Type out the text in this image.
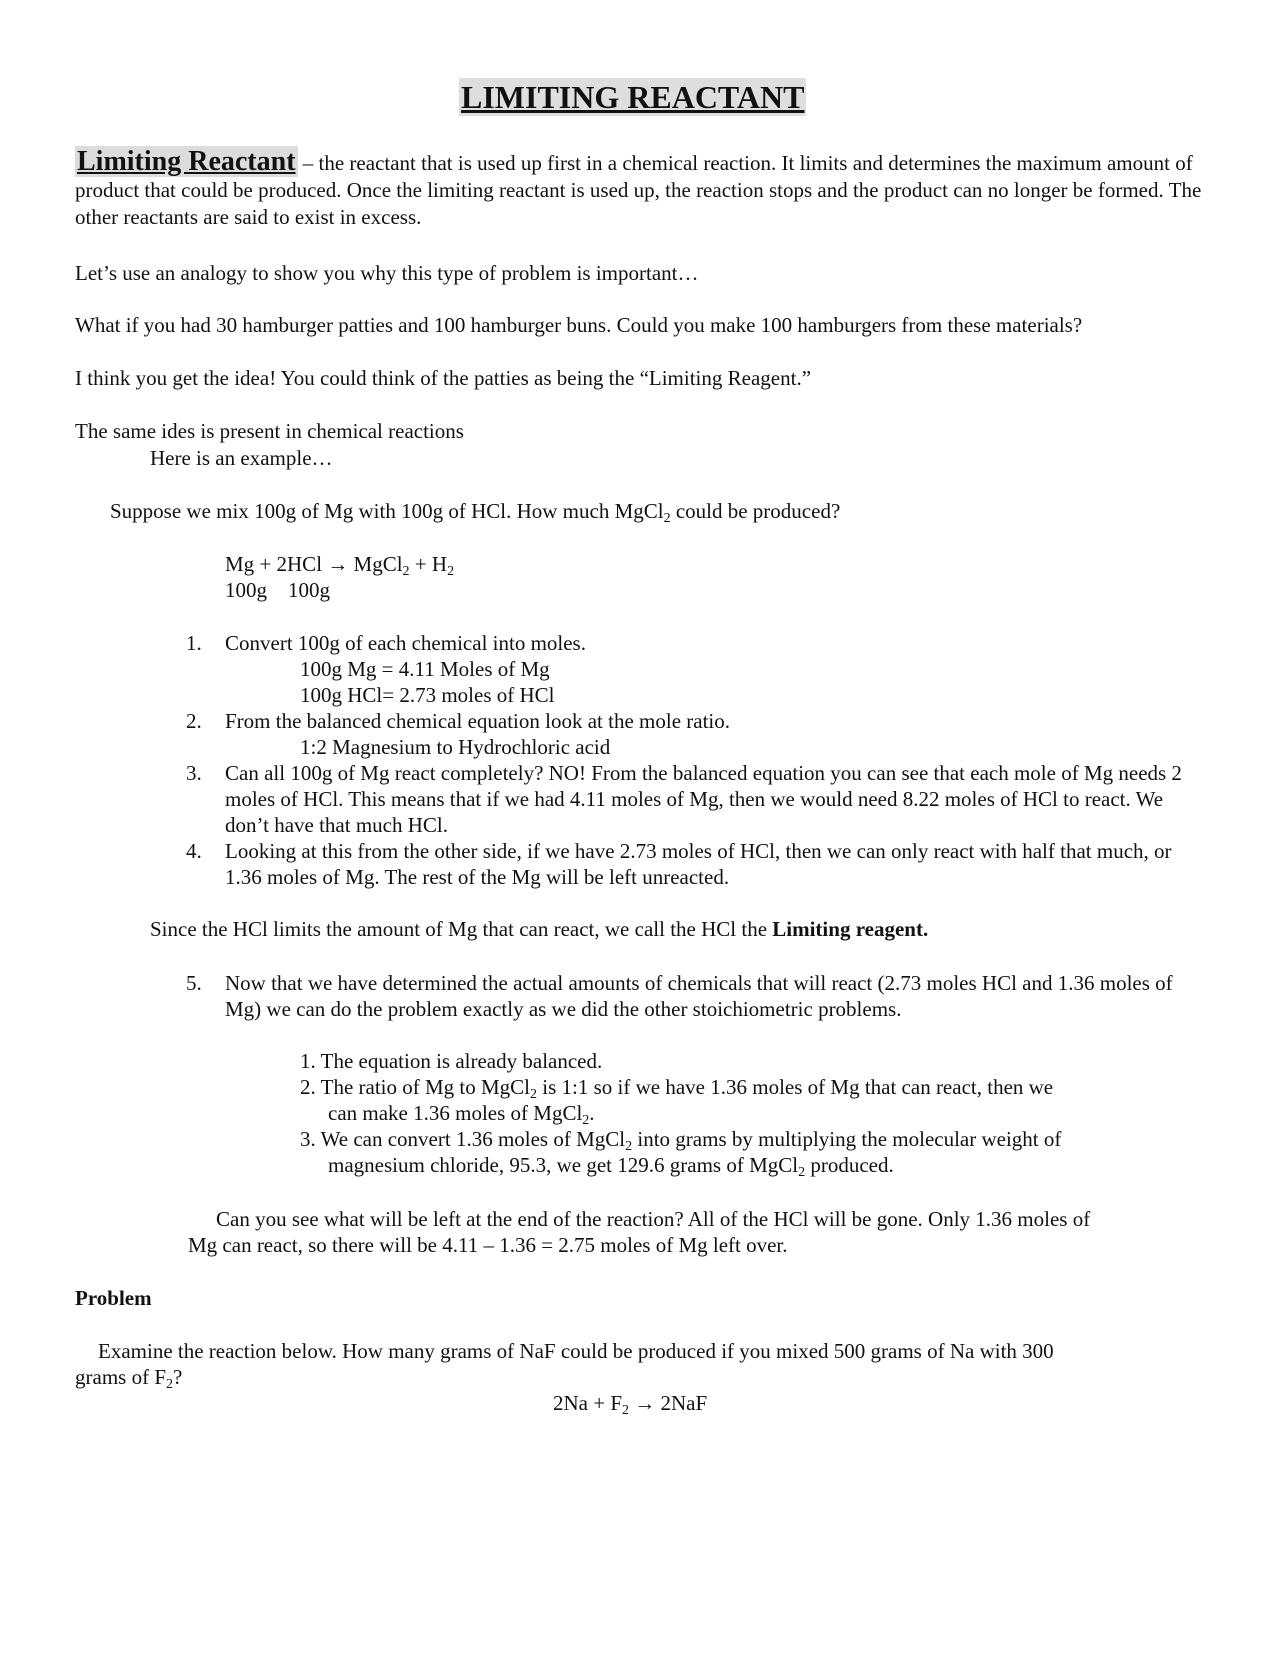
LIMITING REACTANT
Limiting Reactant – the reactant that is used up first in a chemical reaction. It limits and determines the maximum amount of product that could be produced. Once the limiting reactant is used up, the reaction stops and the product can no longer be formed. The other reactants are said to exist in excess.
Let’s use an analogy to show you why this type of problem is important…
What if you had 30 hamburger patties and 100 hamburger buns. Could you make 100 hamburgers from these materials?
I think you get the idea! You could think of the patties as being the “Limiting Reagent.”
The same ides is present in chemical reactions
Here is an example…
Suppose we mix 100g of Mg with 100g of HCl. How much MgCl$_2$ could be produced?
Mg + 2HCl → MgCl$_2$ + $H_2$
100g    100g
1.	Convert 100g of each chemical into moles.
100g Mg = 4.11 Moles of Mg
100g HCl= 2.73 moles of HCl
2.	From the balanced chemical equation look at the mole ratio.
1:2 Magnesium to Hydrochloric acid
3.	Can all 100g of Mg react completely? NO! From the balanced equation you can see that each mole of Mg needs 2 moles of HCl. This means that if we had 4.11 moles of Mg, then we would need 8.22 moles of HCl to react. We don’t have that much HCl.
4.	Looking at this from the other side, if we have 2.73 moles of HCl, then we can only react with half that much, or 1.36 moles of Mg. The rest of the Mg will be left unreacted.
Since the HCl limits the amount of Mg that can react, we call the HCl the Limiting reagent.
5.	Now that we have determined the actual amounts of chemicals that will react (2.73 moles HCl and 1.36 moles of Mg) we can do the problem exactly as we did the other stoichiometric problems.
1. The equation is already balanced.
2. The ratio of Mg to MgCl$_2$ is 1:1 so if we have 1.36 moles of Mg that can react, then we
can make 1.36 moles of MgCl$_2$.
3. We can convert 1.36 moles of MgCl$_2$ into grams by multiplying the molecular weight of
magnesium chloride, 95.3, we get 129.6 grams of MgCl$_2$ produced.
Can you see what will be left at the end of the reaction? All of the HCl will be gone. Only 1.36 moles of
Mg can react, so there will be 4.11 – 1.36 = 2.75 moles of Mg left over.
Problem
Examine the reaction below. How many grams of NaF could be produced if you mixed 500 grams of Na with 300
grams of $F_2$?
$2Na + F_2 \to 2NaF$
